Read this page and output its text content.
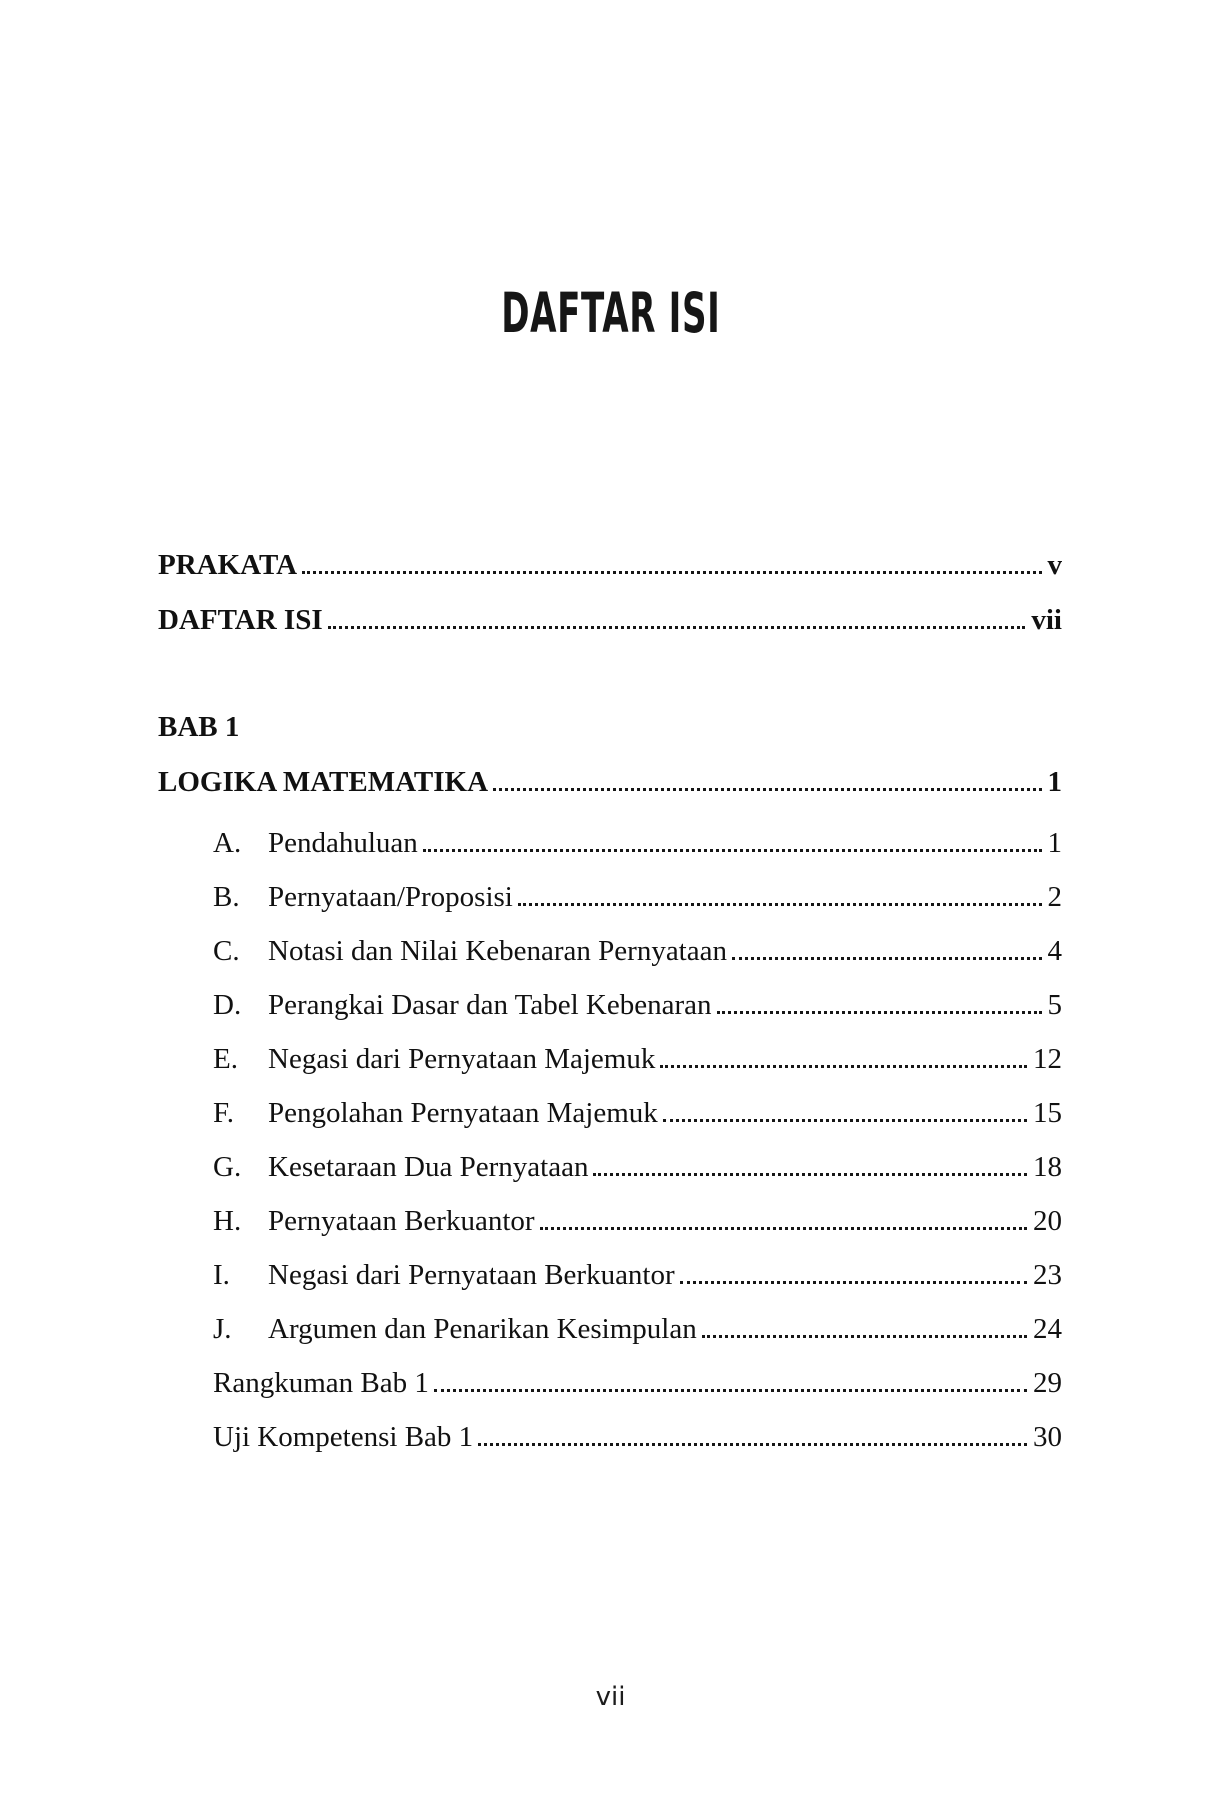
DAFTAR ISI
PRAKATA	v
DAFTAR ISI	vii
BAB 1
LOGIKA MATEMATIKA	1
A. Pendahuluan	1
B. Pernyataan/Proposisi	2
C. Notasi dan Nilai Kebenaran Pernyataan	4
D. Perangkai Dasar dan Tabel Kebenaran	5
E.	Negasi dari Pernyataan Majemuk	12
F.	Pengolahan Pernyataan Majemuk	15
G. Kesetaraan Dua Pernyataan	18
H. Pernyataan Berkuantor	20
I.	Negasi dari Pernyataan Berkuantor	23
J.	Argumen dan Penarikan Kesimpulan	24
Rangkuman Bab 1	29
Uji Kompetensi Bab 1	30
vii
